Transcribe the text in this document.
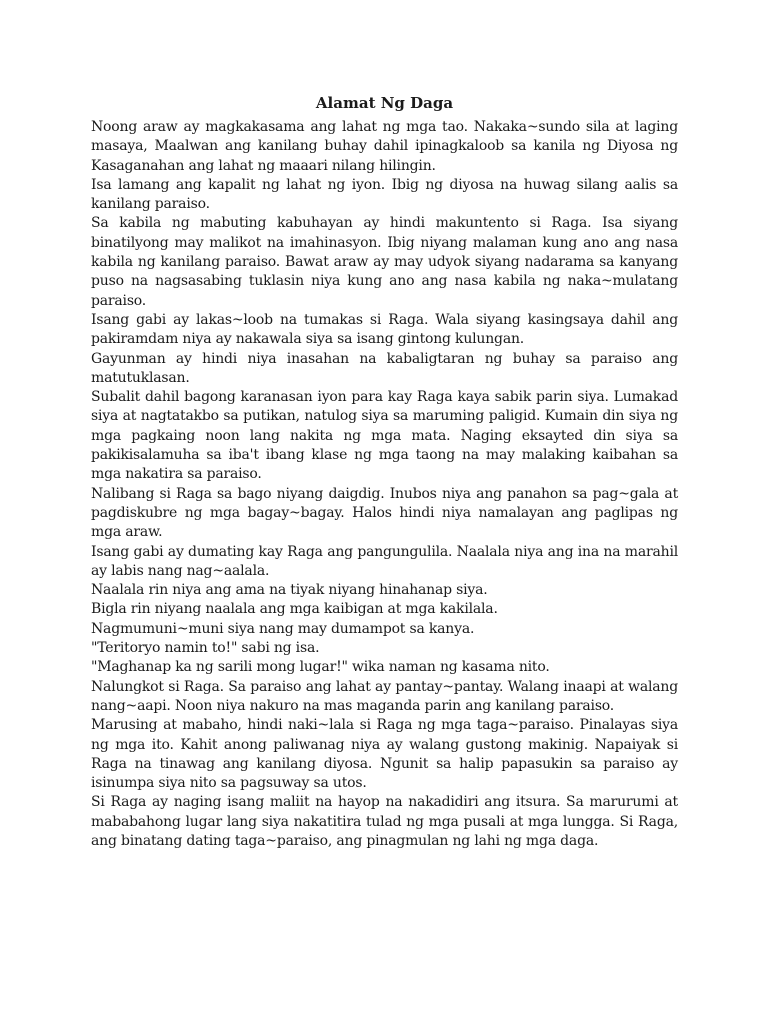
Alamat Ng Daga

Noong araw ay magkakasama ang lahat ng mga tao. Nakaka~sundo sila at laging masaya, Maalwan ang kanilang buhay dahil ipinagkaloob sa kanila ng Diyosa ng Kasaganahan ang lahat ng maaari nilang hilingin.

Isa lamang ang kapalit ng lahat ng iyon. Ibig ng diyosa na huwag silang aalis sa kanilang paraiso.

Sa kabila ng mabuting kabuhayan ay hindi makuntento si Raga. Isa siyang binatilyong may malikot na imahinasyon. Ibig niyang malaman kung ano ang nasa kabila ng kanilang paraiso. Bawat araw ay may udyok siyang nadarama sa kanyang puso na nagsasabing tuklasin niya kung ano ang nasa kabila ng naka~mulatang paraiso.

Isang gabi ay lakas~loob na tumakas si Raga. Wala siyang kasingsaya dahil ang pakiramdam niya ay nakawala siya sa isang gintong kulungan.

Gayunman ay hindi niya inasahan na kabaligtaran ng buhay sa paraiso ang matutuklasan.

Subalit dahil bagong karanasan iyon para kay Raga kaya sabik parin siya. Lumakad siya at nagtatakbo sa putikan, natulog siya sa maruming paligid. Kumain din siya ng mga pagkaing noon lang nakita ng mga mata. Naging eksayted din siya sa pakikisalamuha sa iba't ibang klase ng mga taong na may malaking kaibahan sa mga nakatira sa paraiso.

Nalibang si Raga sa bago niyang daigdig. Inubos niya ang panahon sa pag~gala at pagdiskubre ng mga bagay~bagay. Halos hindi niya namalayan ang paglipas ng mga araw.

Isang gabi ay dumating kay Raga ang pangungulila. Naalala niya ang ina na marahil ay labis nang nag~aalala.

Naalala rin niya ang ama na tiyak niyang hinahanap siya.

Bigla rin niyang naalala ang mga kaibigan at mga kakilala.

Nagmumuni~muni siya nang may dumampot sa kanya.

"Teritoryo namin to!" sabi ng isa.

"Maghanap ka ng sarili mong lugar!" wika naman ng kasama nito.

Nalungkot si Raga. Sa paraiso ang lahat ay pantay~pantay. Walang inaapi at walang nang~aapi. Noon niya nakuro na mas maganda parin ang kanilang paraiso.

Marusing at mabaho, hindi naki~lala si Raga ng mga taga~paraiso. Pinalayas siya ng mga ito. Kahit anong paliwanag niya ay walang gustong makinig. Napaiyak si Raga na tinawag ang kanilang diyosa. Ngunit sa halip papasukin sa paraiso ay isinumpa siya nito sa pagsuway sa utos.

Si Raga ay naging isang maliit na hayop na nakadidiri ang itsura. Sa marurumi at mababahong lugar lang siya nakatitira tulad ng mga pusali at mga lungga. Si Raga, ang binatang dating taga~paraiso, ang pinagmulan ng lahi ng mga daga.
